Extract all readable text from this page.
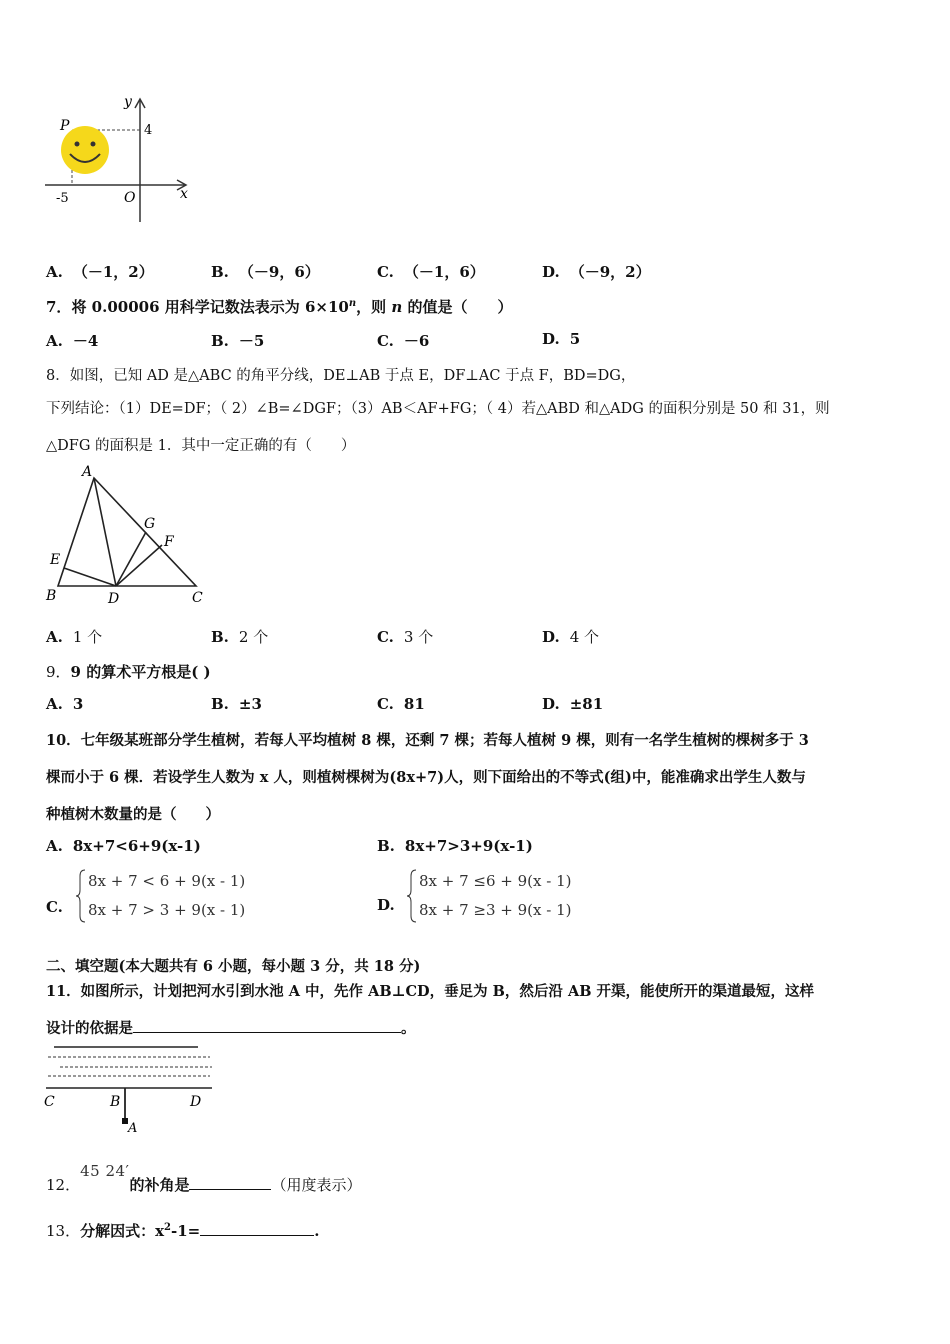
P
y
x
4
-5	O
A. （－1，2）	B. （－9，6）	C. （－1，6）	D. （－9，2）
7．将 0.00006 用科学记数法表示为 $6\times 10^n$，则 n 的值是（　　）
A. －4	B. －5	C. －6	D. 5
8．如图，已知 AD 是△ABC 的角平分线，DE⊥AB 于点 E，DF⊥AC 于点 F，BD=DG，
下列结论：（1）DE=DF；（ 2）∠B=∠DGF；（3）AB＜AF+FG；（ 4）若△ABD 和△ADG 的面积分别是 50 和 31，则
△DFG 的面积是 1．其中一定正确的有（　　）
A
B	C
D
E
F
G
A. 1 个	B. 2 个	C. 3 个	D. 4 个
9．9 的算术平方根是( )
A. 3	B. ±3	C. 81	D. ±81
10．七年级某班部分学生植树，若每人平均植树 8 棵，还剩 7 棵；若每人植树 9 棵，则有一名学生植树的棵树多于 3
棵而小于 6 棵．若设学生人数为 x 人，则植树棵树为(8x+7)人，则下面给出的不等式(组)中，能准确求出学生人数与
种植树木数量的是（　　）
A. 8x+7<6+9(x-1)	B. 8x+7>3+9(x-1)
C.
8x + 7 < 6 + 9(x - 1)
8x + 7 > 3 + 9(x - 1)	D.
8x + 7 ≤6 + 9(x - 1)
8x + 7 ≥3 + 9(x - 1)
二、填空题(本大题共有 6 小题，每小题 3 分，共 18 分)
11．如图所示，计划把河水引到水池 A 中，先作 AB⊥CD，垂足为 B，然后沿 AB 开渠，能使所开的渠道最短，这样
设计的依据是	。
C	B	D
A
12．45 24′的补角是	（用度表示）
13．分解因式：$x^2-1=$	.
